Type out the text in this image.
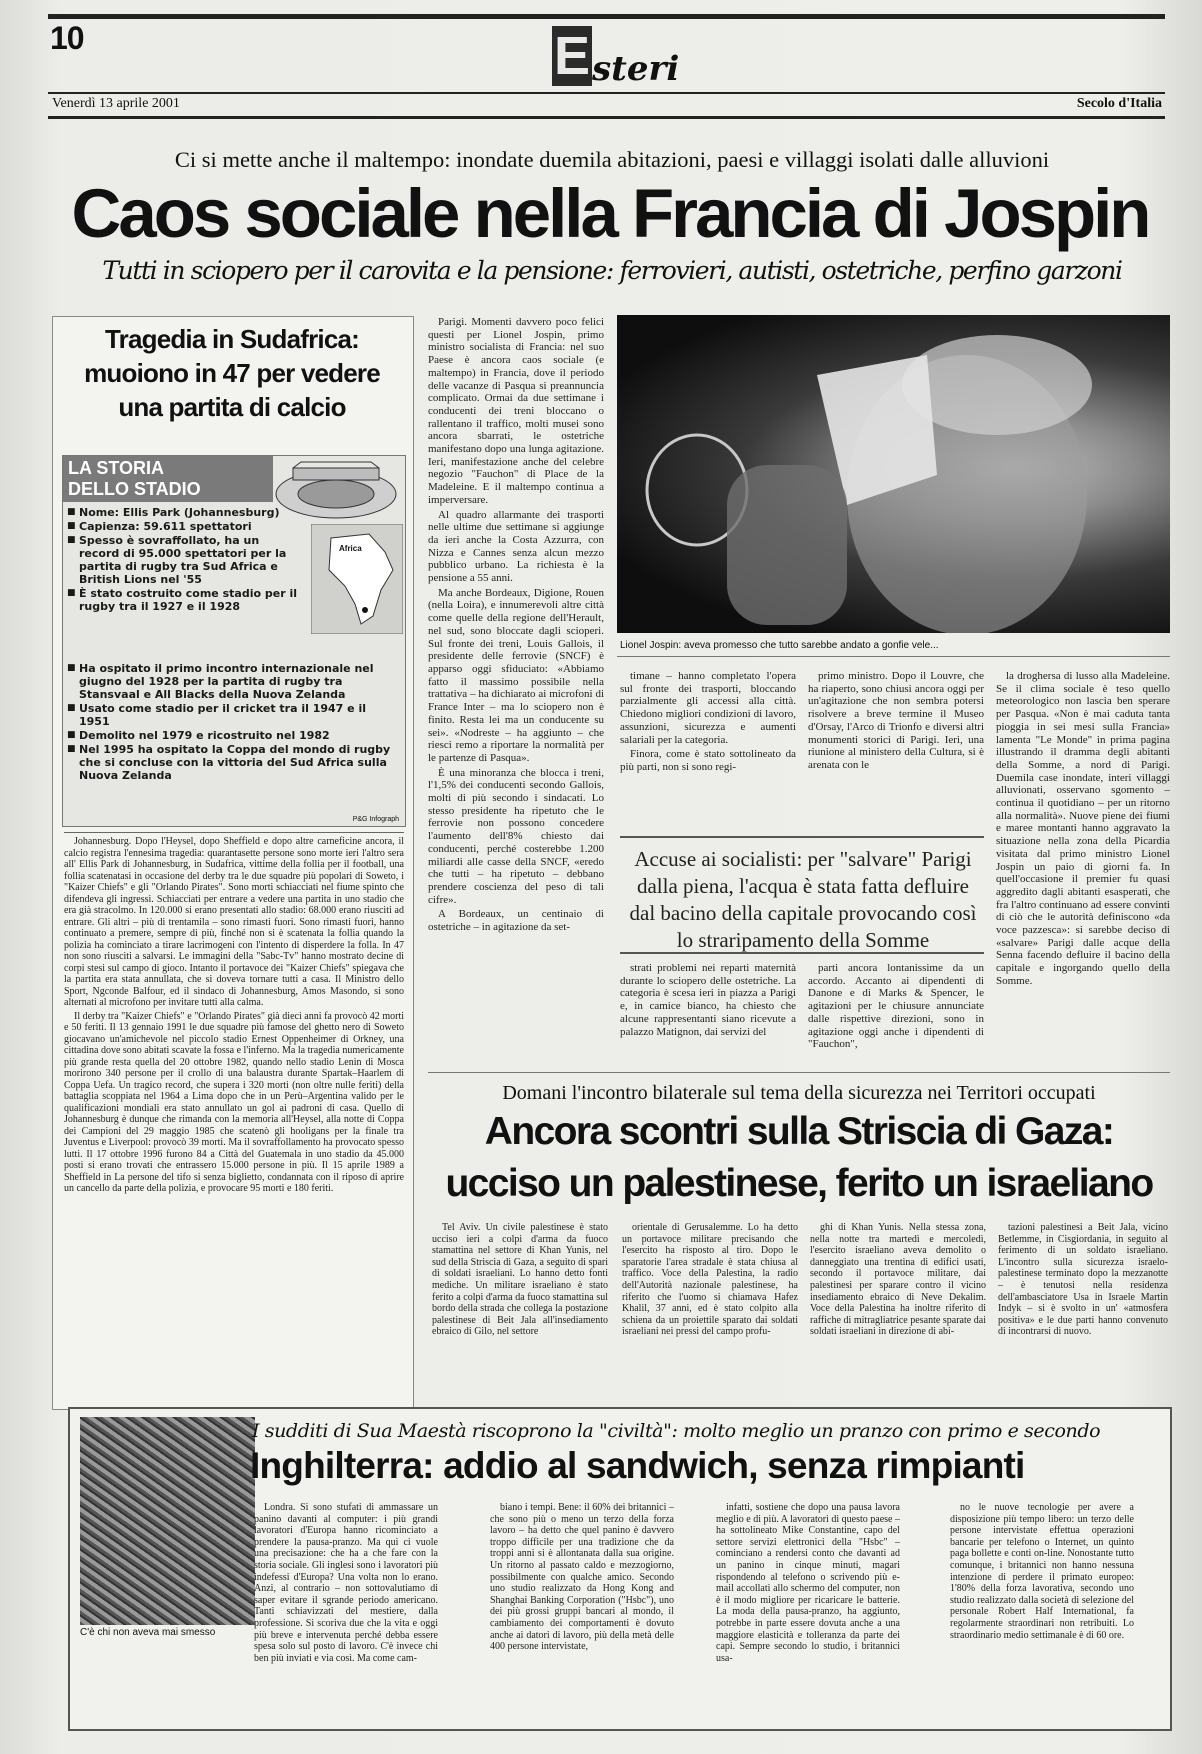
10	Esteri
Venerdì 13 aprile 2001	Secolo d'Italia
Ci si mette anche il maltempo: inondate duemila abitazioni, paesi e villaggi isolati dalle alluvioni
Caos sociale nella Francia di Jospin
Tutti in sciopero per il carovita e la pensione: ferrovieri, autisti, ostetriche, perfino garzoni
Tragedia in Sudafrica: muoiono in 47 per vedere una partita di calcio
LA STORIA
DELLO STADIO
Africa
■ Nome: Ellis Park (Johannesburg)
■ Capienza: 59.611 spettatori
■ Spesso è sovraffollato, ha un record di 95.000 spettatori per la partita di rugby tra Sud Africa e British Lions nel '55
■ È stato costruito come stadio per il rugby tra il 1927 e il 1928
■ Ha ospitato il primo incontro internazionale nel giugno del 1928 per la partita di rugby tra Stansvaal e All Blacks della Nuova Zelanda
■ Usato come stadio per il cricket tra il 1947 e il 1951
■ Demolito nel 1979 e ricostruito nel 1982
■ Nel 1995 ha ospitato la Coppa del mondo di rugby che si concluse con la vittoria del Sud Africa sulla Nuova Zelanda
P&G Infograph

Johannesburg. Dopo l'Heysel, dopo Sheffield e dopo altre carneficine ancora, il calcio registra l'ennesima tragedia: quarantasette persone sono morte ieri l'altro sera all' Ellis Park di Johannesburg, in Sudafrica, vittime della follia per il football, una follia scatenatasi in occasione del derby tra le due squadre più popolari di Soweto, i "Kaizer Chiefs" e gli "Orlando Pirates". Sono morti schiacciati nel fiume spinto che difendeva gli ingressi. Schiacciati per entrare a vedere una partita in uno stadio che era già stracolmo. In 120.000 si erano presentati allo stadio: 68.000 erano riusciti ad entrare. Gli altri – più di trentamila – sono rimasti fuori. Sono rimasti fuori, hanno continuato a premere, sempre di più, finché non si è scatenata la follia quando la polizia ha cominciato a tirare lacrimogeni con l'intento di disperdere la folla. In 47 non sono riusciti a salvarsi. Le immagini della "Sabc-Tv" hanno mostrato decine di corpi stesi sul campo di gioco. Intanto il portavoce dei "Kaizer Chiefs" spiegava che la partita era stata annullata, che si doveva tornare tutti a casa. Il Ministro dello Sport, Ngconde Balfour, ed il sindaco di Johannesburg, Amos Masondo, si sono alternati al microfono per invitare tutti alla calma.

Il derby tra "Kaizer Chiefs" e "Orlando Pirates" già dieci anni fa provocò 42 morti e 50 feriti. Il 13 gennaio 1991 le due squadre più famose del ghetto nero di Soweto giocavano un'amichevole nel piccolo stadio Ernest Oppenheimer di Orkney, una cittadina dove sono abitati scavate la fossa e l'inferno. Ma la tragedia numericamente più grande resta quella del 20 ottobre 1982, quando nello stadio Lenin di Mosca morirono 340 persone per il crollo di una balaustra durante Spartak–Haarlem di Coppa Uefa. Un tragico record, che supera i 320 morti (non oltre nulle feriti) della battaglia scoppiata nel 1964 a Lima dopo che in un Perù–Argentina valido per le qualificazioni mondiali era stato annullato un gol ai padroni di casa. Quello di Johannesburg è dunque che rimanda con la memoria all'Heysel, alla notte di Coppa dei Campioni del 29 maggio 1985 che scatenò gli hooligans per la finale tra Juventus e Liverpool: provocò 39 morti. Ma il sovraffollamento ha provocato spesso lutti. Il 17 ottobre 1996 furono 84 a Città del Guatemala in uno stadio da 45.000 posti si erano trovati che entrassero 15.000 persone in più. Il 15 aprile 1989 a Sheffield in La persone del tifo si senza biglietto, condannata con il riposo di aprire un cancello da parte della polizia, e provocare 95 morti e 180 feriti.

Parigi. Momenti davvero poco felici questi per Lionel Jospin, primo ministro socialista di Francia: nel suo Paese è ancora caos sociale (e maltempo) in Francia, dove il periodo delle vacanze di Pasqua si preannuncia complicato. Ormai da due settimane i conducenti dei treni bloccano o rallentano il traffico, molti musei sono ancora sbarrati, le ostetriche manifestano dopo una lunga agitazione. Ieri, manifestazione anche del celebre negozio "Fauchon" di Place de la Madeleine. E il maltempo continua a imperversare.

Al quadro allarmante dei trasporti nelle ultime due settimane si aggiunge da ieri anche la Costa Azzurra, con Nizza e Cannes senza alcun mezzo pubblico urbano. La richiesta è la pensione a 55 anni.

Ma anche Bordeaux, Digione, Rouen (nella Loira), e innumerevoli altre città come quelle della regione dell'Herault, nel sud, sono bloccate dagli scioperi. Sul fronte dei treni, Louis Gallois, il presidente delle ferrovie (SNCF) è apparso oggi sfiduciato: «Abbiamo fatto il massimo possibile nella trattativa – ha dichiarato ai microfoni di France Inter – ma lo sciopero non è finito. Resta lei ma un conducente su sei». «Nodreste – ha aggiunto – che riesci remo a riportare la normalità per le partenze di Pasqua».

È una minoranza che blocca i treni, l'1,5% dei conducenti secondo Gallois, molti di più secondo i sindacati. Lo stesso presidente ha ripetuto che le ferrovie non possono concedere l'aumento dell'8% chiesto dai conducenti, perché costerebbe 1.200 miliardi alle casse della SNCF, «eredo che tutti – ha ripetuto – debbano prendere coscienza del peso di tali cifre».

A Bordeaux, un centinaio di ostetriche – in agitazione da set-

Lionel Jospin: aveva promesso che tutto sarebbe andato a gonfie vele...

timane – hanno completato l'opera sul fronte dei trasporti, bloccando parzialmente gli accessi alla città. Chiedono migliori condizioni di lavoro, assunzioni, sicurezza e aumenti salariali per la categoria.

Finora, come è stato sottolineato da più parti, non si sono regi-

primo ministro. Dopo il Louvre, che ha riaperto, sono chiusi ancora oggi per un'agitazione che non sembra potersi risolvere a breve termine il Museo d'Orsay, l'Arco di Trionfo e diversi altri monumenti storici di Parigi. Ieri, una riunione al ministero della Cultura, si è arenata con le

la droghersa di lusso alla Madeleine. Se il clima sociale è teso quello meteorologico non lascia ben sperare per Pasqua. «Non è mai caduta tanta pioggia in sei mesi sulla Francia» lamenta "Le Monde" in prima pagina illustrando il dramma degli abitanti della Somme, a nord di Parigi. Duemila case inondate, interi villaggi alluvionati, osservano sgomento – continua il quotidiano – per un ritorno alla normalità». Nuove piene dei fiumi e maree montanti hanno aggravato la situazione nella zona della Picardia visitata dal primo ministro Lionel Jospin un paio di giorni fa. In quell'occasione il premier fu quasi aggredito dagli abitanti esasperati, che fra l'altro continuano ad essere convinti di ciò che le autorità definiscono «da voce pazzesca»: si sarebbe deciso di «salvare» Parigi dalle acque della Senna facendo defluire il bacino della capitale e ingorgando quello della Somme.

Accuse ai socialisti: per "salvare" Parigi dalla piena, l'acqua è stata fatta defluire dal bacino della capitale provocando così lo straripamento della Somme

strati problemi nei reparti maternità durante lo sciopero delle ostetriche. La categoria è scesa ieri in piazza a Parigi e, in camice bianco, ha chiesto che alcune rappresentanti siano ricevute a palazzo Matignon, dai servizi del

parti ancora lontanissime da un accordo. Accanto ai dipendenti di Danone e di Marks & Spencer, le agitazioni per le chiusure annunciate dalle rispettive direzioni, sono in agitazione oggi anche i dipendenti di "Fauchon",

Domani l'incontro bilaterale sul tema della sicurezza nei Territori occupati
Ancora scontri sulla Striscia di Gaza:
ucciso un palestinese, ferito un israeliano

Tel Aviv. Un civile palestinese è stato ucciso ieri a colpi d'arma da fuoco stamattina nel settore di Khan Yunis, nel sud della Striscia di Gaza, a seguito di spari di soldati israeliani. Lo hanno detto fonti mediche. Un militare israeliano è stato ferito a colpi d'arma da fuoco stamattina sul bordo della strada che collega la postazione palestinese di Beit Jala all'insediamento ebraico di Gilo, nel settore

orientale di Gerusalemme. Lo ha detto un portavoce militare precisando che l'esercito ha risposto al tiro. Dopo le sparatorie l'area stradale è stata chiusa al traffico. Voce della Palestina, la radio dell'Autorità nazionale palestinese, ha riferito che l'uomo si chiamava Hafez Khalil, 37 anni, ed è stato colpito alla schiena da un proiettile sparato dai soldati israeliani nei pressi del campo profu-

ghi di Khan Yunis. Nella stessa zona, nella notte tra martedì e mercoledì, l'esercito israeliano aveva demolito o danneggiato una trentina di edifici usati, secondo il portavoce militare, dai palestinesi per sparare contro il vicino insediamento ebraico di Neve Dekalim. Voce della Palestina ha inoltre riferito di raffiche di mitragliatrice pesante sparate dai soldati israeliani in direzione di abi-

tazioni palestinesi a Beit Jala, vicino Betlemme, in Cisgiordania, in seguito al ferimento di un soldato israeliano. L'incontro sulla sicurezza israelo-palestinese terminato dopo la mezzanotte – è tenutosi nella residenza dell'ambasciatore Usa in Israele Martin Indyk – si è svolto in un' «atmosfera positiva» e le due parti hanno convenuto di incontrarsi di nuovo.

C'è chi non aveva mai smesso
I sudditi di Sua Maestà riscoprono la "civiltà": molto meglio un pranzo con primo e secondo
Inghilterra: addio al sandwich, senza rimpianti

Londra. Si sono stufati di ammassare un panino davanti al computer: i più grandi lavoratori d'Europa hanno ricominciato a prendere la pausa-pranzo. Ma qui ci vuole una precisazione: che ha a che fare con la storia sociale. Gli inglesi sono i lavoratori più indefessi d'Europa? Una volta non lo erano. Anzi, al contrario – non sottovalutiamo di saper evitare il sgrande periodo americano. Tanti schiavizzati del mestiere, dalla professione. Si scoriva due che la vita e oggi più breve e intervenuta perché debba essere spesa solo sul posto di lavoro. C'è invece chi ben più inviati e via così. Ma come cam-

biano i tempi. Bene: il 60% dei britannici – che sono più o meno un terzo della forza lavoro – ha detto che quel panino è davvero troppo difficile per una tradizione che da troppi anni si è allontanata dalla sua origine. Un ritorno al passato caldo e mezzogiorno, possibilmente con qualche amico. Secondo uno studio realizzato da Hong Kong and Shanghai Banking Corporation ("Hsbc"), uno dei più grossi gruppi bancari al mondo, il cambiamento dei comportamenti è dovuto anche ai datori di lavoro, più della metà delle 400 persone intervistate,

infatti, sostiene che dopo una pausa lavora meglio e di più. A lavoratori di questo paese – ha sottolineato Mike Constantine, capo del settore servizi elettronici della "Hsbc" – cominciano a rendersi conto che davanti ad un panino in cinque minuti, magari rispondendo al telefono o scrivendo più e-mail accollati allo schermo del computer, non è il modo migliore per ricaricare le batterie. La moda della pausa-pranzo, ha aggiunto, potrebbe in parte essere dovuta anche a una maggiore elasticità e tolleranza da parte dei capi. Sempre secondo lo studio, i britannici usa-

no le nuove tecnologie per avere a disposizione più tempo libero: un terzo delle persone intervistate effettua operazioni bancarie per telefono o Internet, un quinto paga bollette e conti on-line. Nonostante tutto comunque, i britannici non hanno nessuna intenzione di perdere il primato europeo: 1'80% della forza lavorativa, secondo uno studio realizzato dalla società di selezione del personale Robert Half International, fa regolarmente straordinari non retribuiti. Lo straordinario medio settimanale è di 60 ore.
